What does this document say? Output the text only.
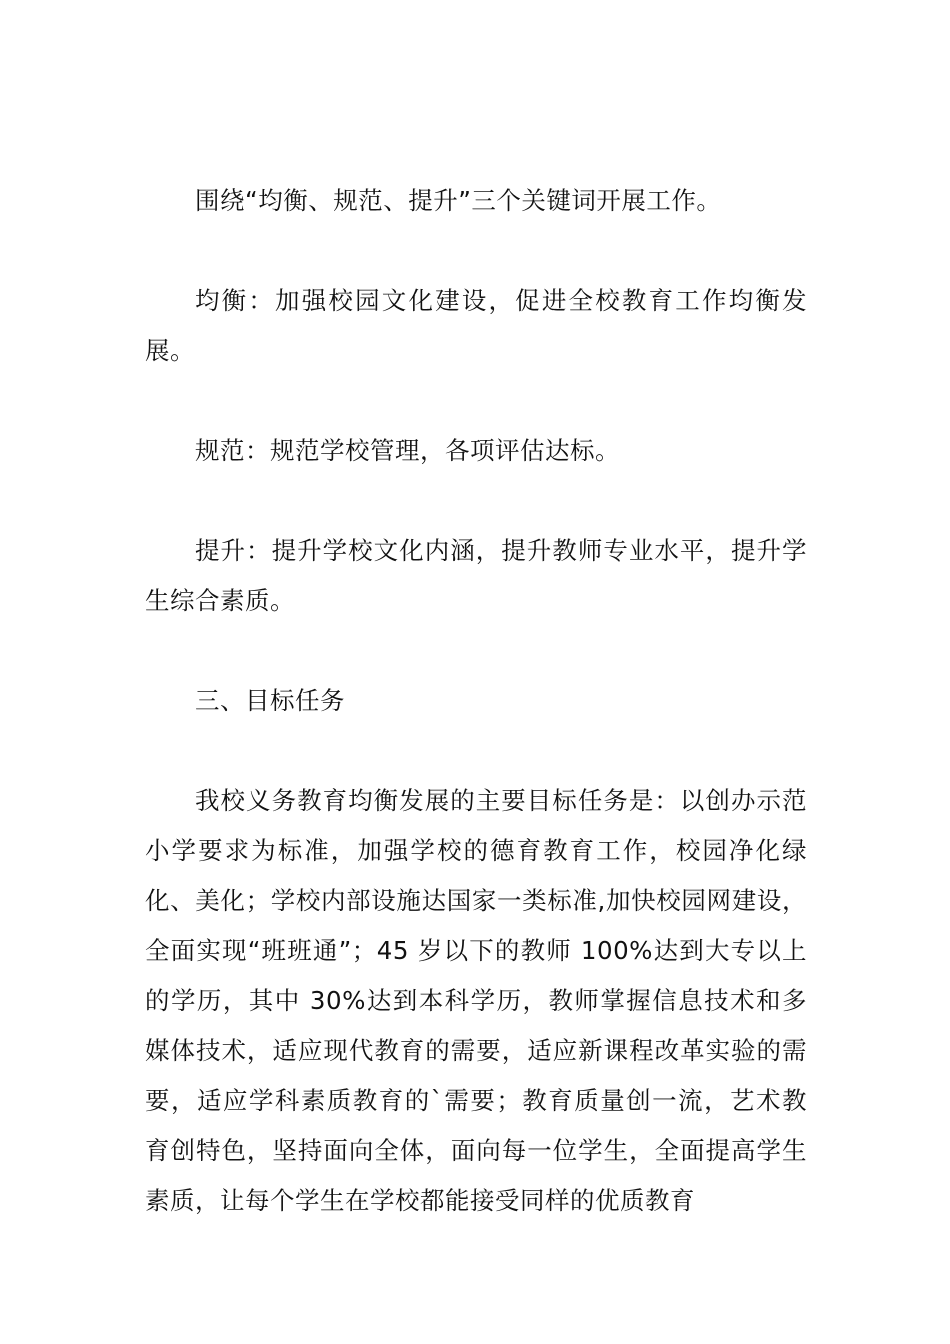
围绕“均衡、规范、提升”三个关键词开展工作。

均衡：加强校园文化建设，促进全校教育工作均衡发展。

规范：规范学校管理，各项评估达标。

提升：提升学校文化内涵，提升教师专业水平，提升学生综合素质。

三、目标任务

我校义务教育均衡发展的主要目标任务是：以创办示范小学要求为标准，加强学校的德育教育工作，校园净化绿化、美化；学校内部设施达国家一类标准,加快校园网建设，全面实现“班班通”；45 岁以下的教师 100%达到大专以上的学历，其中 30%达到本科学历，教师掌握信息技术和多媒体技术，适应现代教育的需要，适应新课程改革实验的需要，适应学科素质教育的`需要；教育质量创一流，艺术教育创特色，坚持面向全体，面向每一位学生，全面提高学生素质，让每个学生在学校都能接受同样的优质教育
